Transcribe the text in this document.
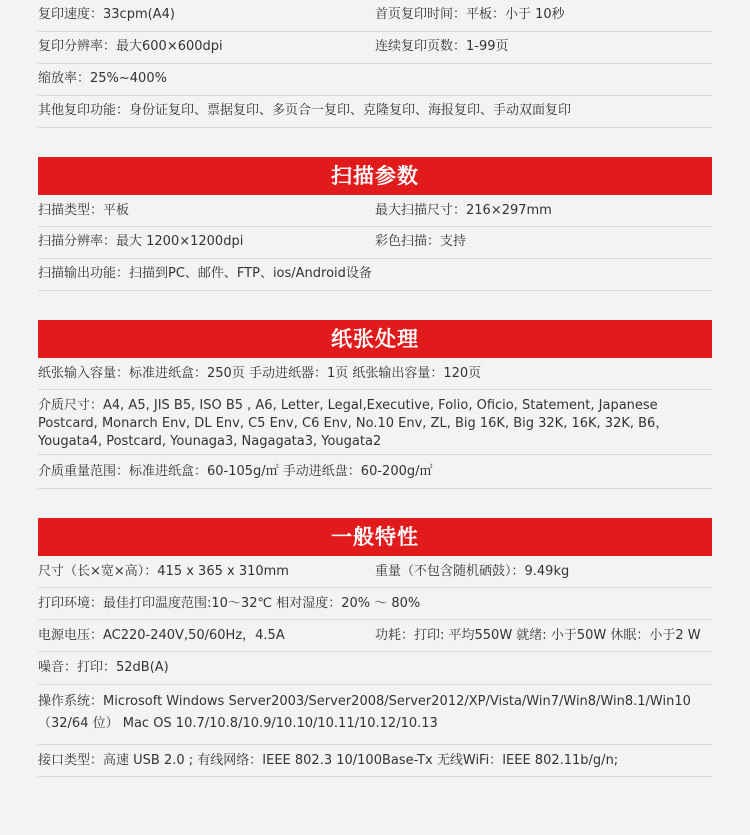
复印速度：33cpm(A4)	首页复印时间：平板：小于 10秒
复印分辨率：最大600×600dpi	连续复印页数：1-99页
缩放率：25%~400%
其他复印功能：身份证复印、票据复印、多页合一复印、克隆复印、海报复印、手动双面复印
扫描参数
扫描类型：平板	最大扫描尺寸：216×297mm
扫描分辨率：最大 1200×1200dpi	彩色扫描：支持
扫描输出功能：扫描到PC、邮件、FTP、ios/Android设备
纸张处理
纸张输入容量：标准进纸盒：250页 手动进纸器：1页 纸张输出容量：120页
介质尺寸：A4, A5, JIS B5, ISO B5 , A6, Letter, Legal,Executive, Folio, Oficio, Statement, Japanese Postcard, Monarch Env, DL Env, C5 Env, C6 Env, No.10 Env, ZL, Big 16K, Big 32K, 16K, 32K, B6， Yougata4, Postcard, Younaga3, Nagagata3, Yougata2
介质重量范围：标准进纸盒：60-105g/㎡ 手动进纸盘：60-200g/㎡
一般特性
尺寸（长×宽×高）：415 x 365 x 310mm	重量（不包含随机硒鼓）：9.49kg
打印环境：最佳打印温度范围:10～32℃ 相对湿度：20% ～ 80%
电源电压：AC220-240V,50/60Hz，4.5A	功耗：打印: 平均550W 就绪: 小于50W 休眠：小于2 W
噪音：打印：52dB(A)
操作系统：Microsoft Windows Server2003/Server2008/Server2012/XP/Vista/Win7/Win8/Win8.1/Win10（32/64 位） Mac OS 10.7/10.8/10.9/10.10/10.11/10.12/10.13
接口类型：高速 USB 2.0 ; 有线网络：IEEE 802.3 10/100Base-Tx 无线WiFi：IEEE 802.11b/g/n;
